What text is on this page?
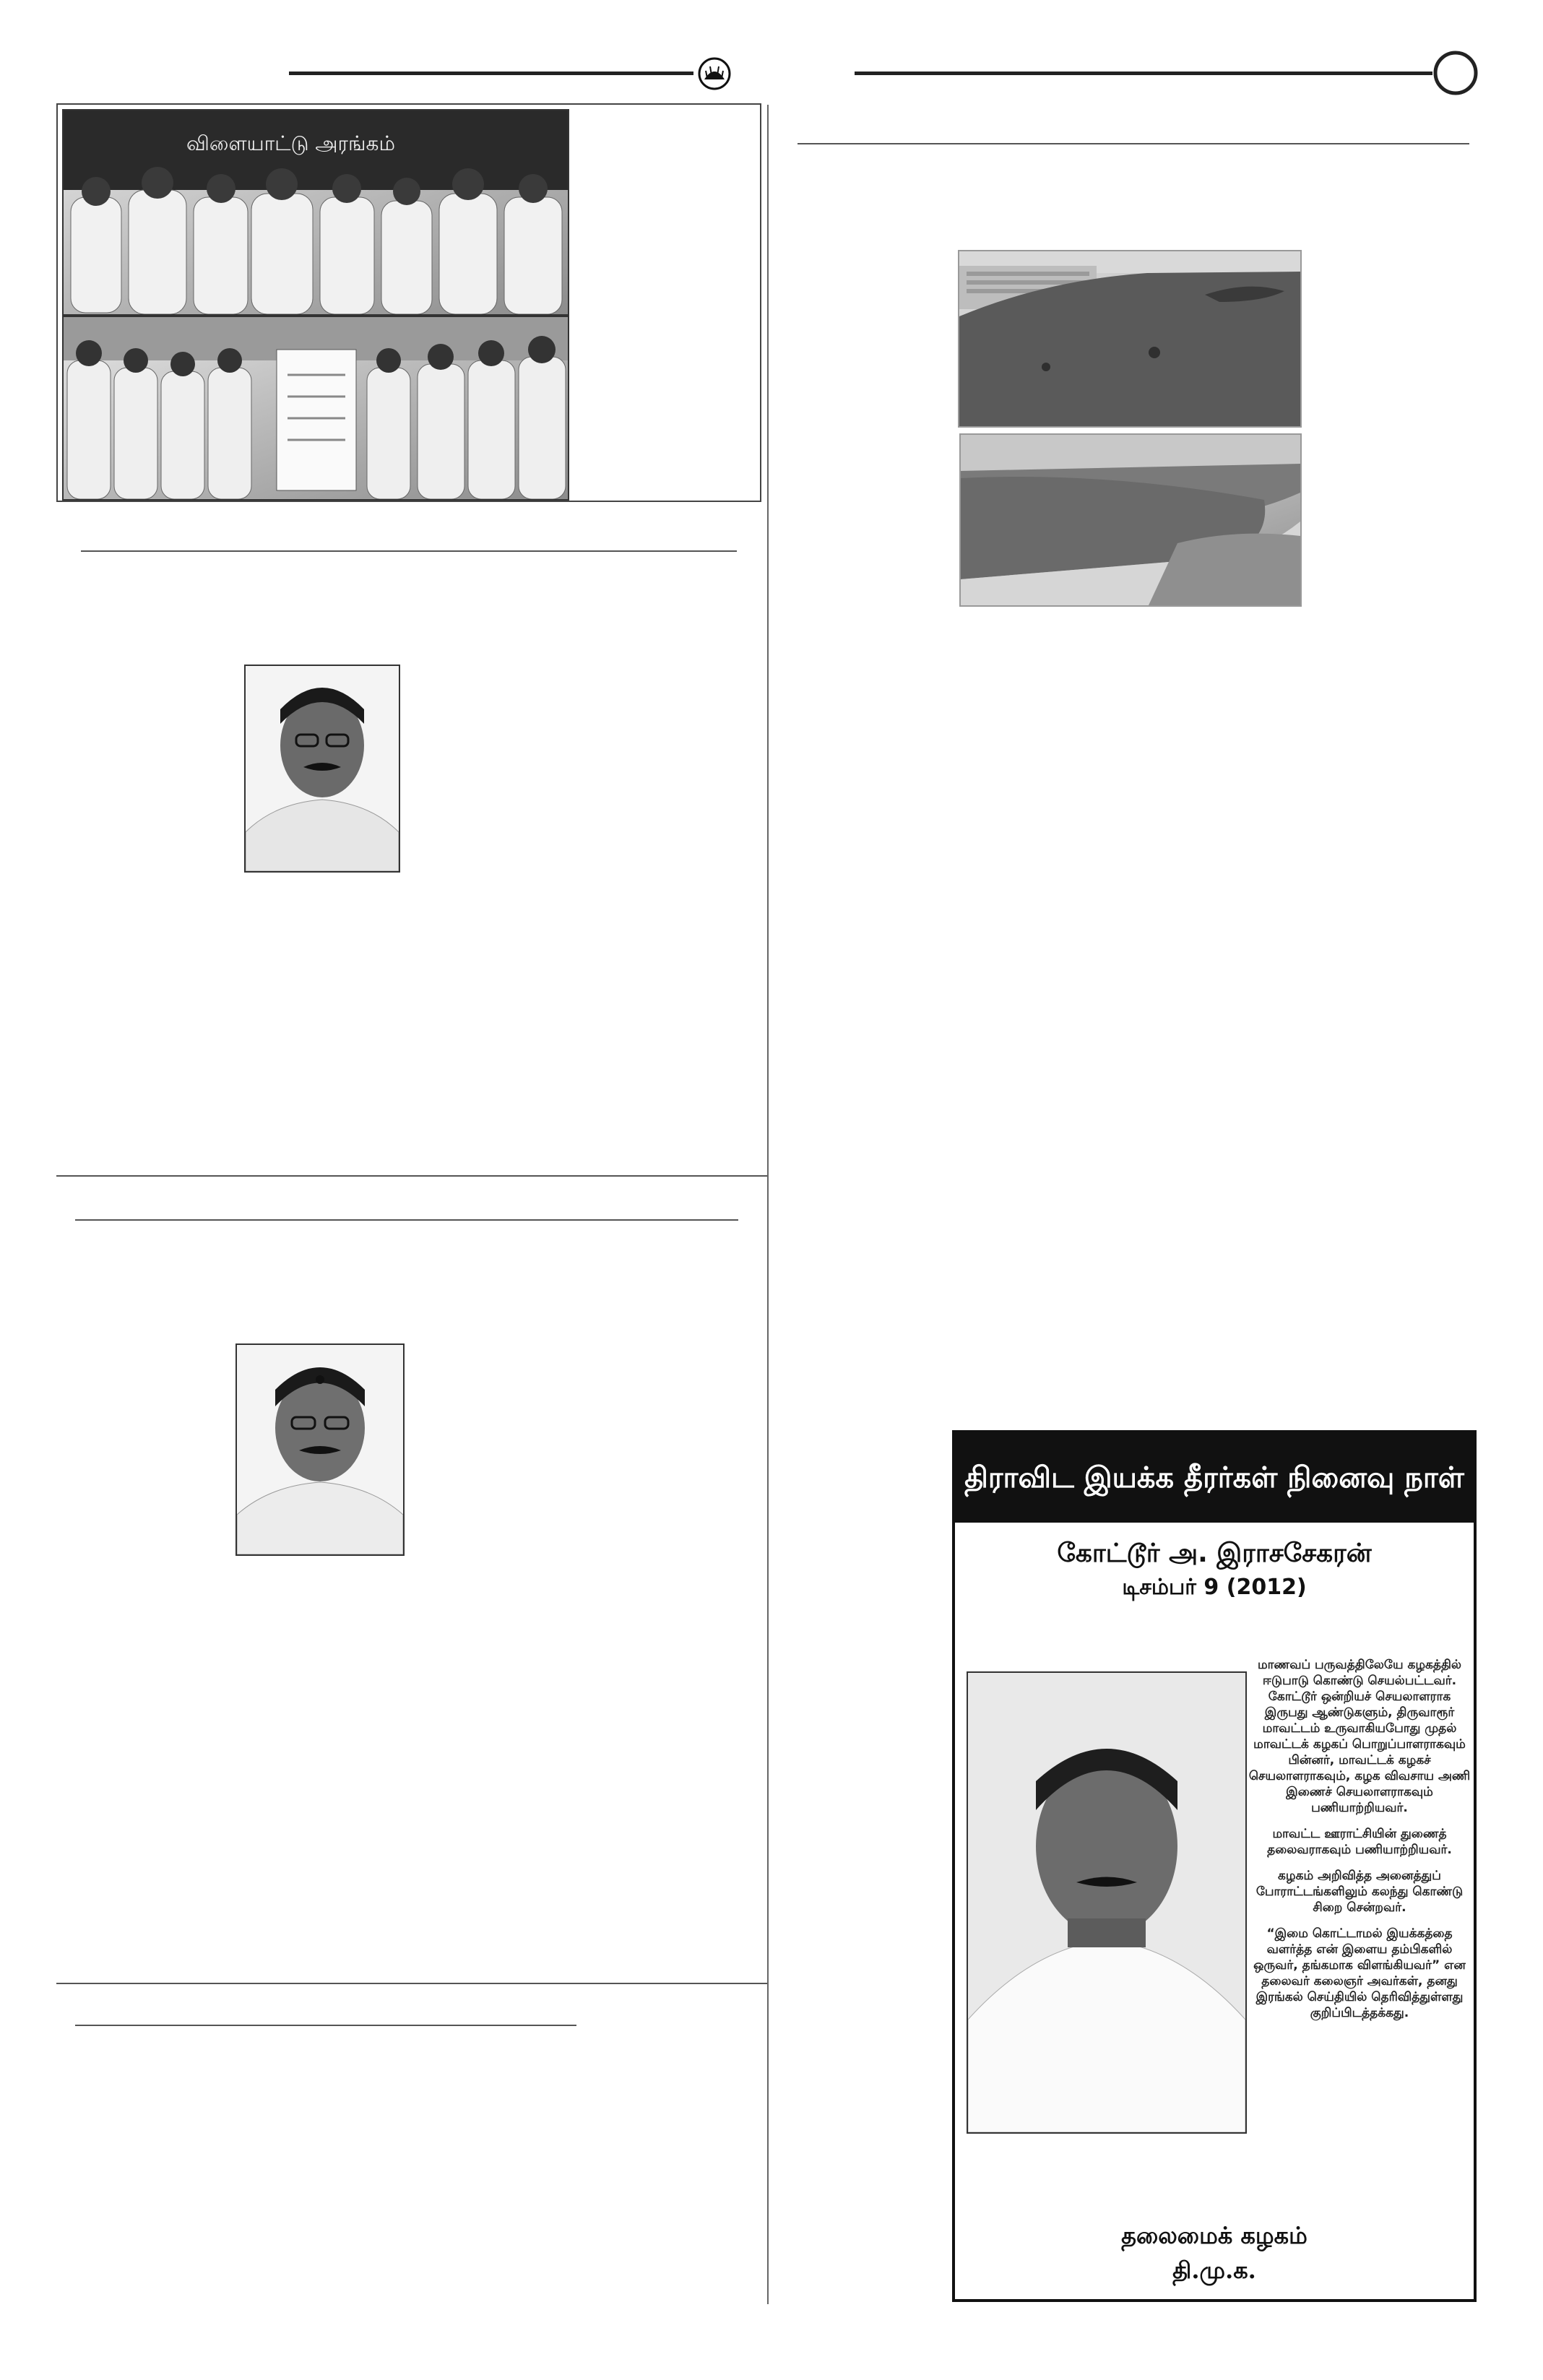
விளையாட்டு அரங்கம்
திராவிட இயக்க தீரர்கள் நினைவு நாள்
கோட்டூர் அ. இராசசேகரன்
டிசம்பர் 9 (2012)

மாணவப் பருவத்திலேயே கழகத்தில் ஈடுபாடு கொண்டு செயல்பட்டவர். கோட்டூர் ஒன்றியச் செயலாளராக இருபது ஆண்டுகளும், திருவாரூர் மாவட்டம் உருவாகியபோது முதல் மாவட்டக் கழகப் பொறுப்பாளராகவும் பின்னர், மாவட்டக் கழகச் செயலாளராகவும், கழக விவசாய அணி இணைச் செயலாளராகவும் பணியாற்றியவர்.

மாவட்ட ஊராட்சியின் துணைத் தலைவராகவும் பணியாற்றியவர்.

கழகம் அறிவித்த அனைத்துப் போராட்டங்களிலும் கலந்து கொண்டு சிறை சென்றவர்.

“இமை கொட்டாமல் இயக்கத்தை வளர்த்த என் இளைய தம்பிகளில் ஒருவர், தங்கமாக விளங்கியவர்” என தலைவர் கலைஞர் அவர்கள், தனது இரங்கல் செய்தியில் தெரிவித்துள்ளது குறிப்பிடத்தக்கது.

தலைமைக் கழகம்
தி.மு.க.
